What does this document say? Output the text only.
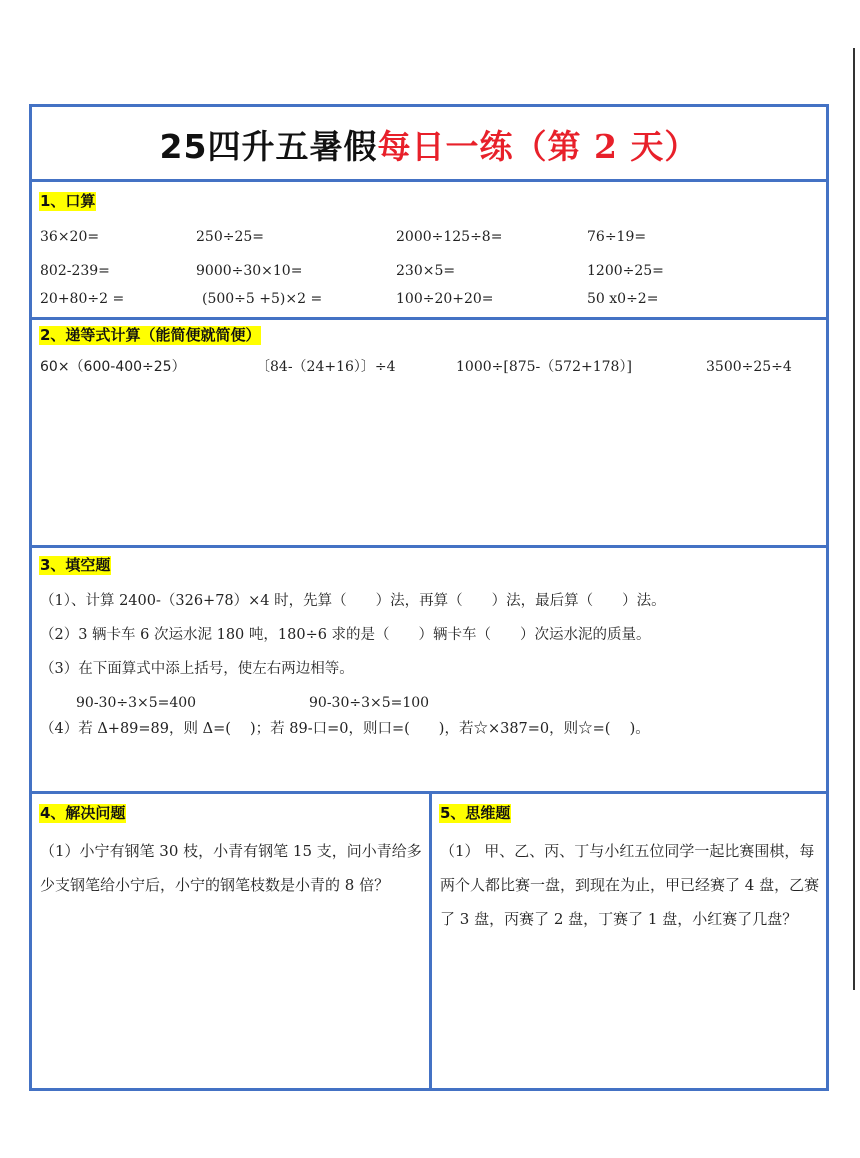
25四升五暑假每日一练（第 2 天）
1、口算
36×20=	250÷25=	2000÷125÷8=	76÷19=
802-239=	9000÷30×10=	230×5=	1200÷25=
20+80÷2 =	(500÷5 +5)×2 =	100÷20+20=	50 x0÷2=
2、递等式计算（能简便就简便）
60×（600-400÷25）	〔84-（24+16）〕÷4	1000÷[875-（572+178）]	3500÷25÷4
3、填空题
（1）、计算 2400-（326+78）×4 时，先算（　　）法，再算（　　）法，最后算（　　）法。
（2）3 辆卡车 6 次运水泥 180 吨，180÷6 求的是（　　）辆卡车（　　）次运水泥的质量。
（3）在下面算式中添上括号，使左右两边相等。
90-30÷3×5=400	90-30÷3×5=100
（4）若 Δ+89=89，则 Δ=(　 )；若 89-口=0，则口=(　　)，若☆×387=0，则☆=(　 )。
4、解决问题
（1）小宁有钢笔 30 枝，小青有钢笔 15 支，问小青给多少支钢笔给小宁后，小宁的钢笔枝数是小青的 8 倍？
5、思维题
（1） 甲、乙、丙、丁与小红五位同学一起比赛围棋，每两个人都比赛一盘，到现在为止，甲已经赛了 4 盘，乙赛了 3 盘，丙赛了 2 盘，丁赛了 1 盘，小红赛了几盘？
